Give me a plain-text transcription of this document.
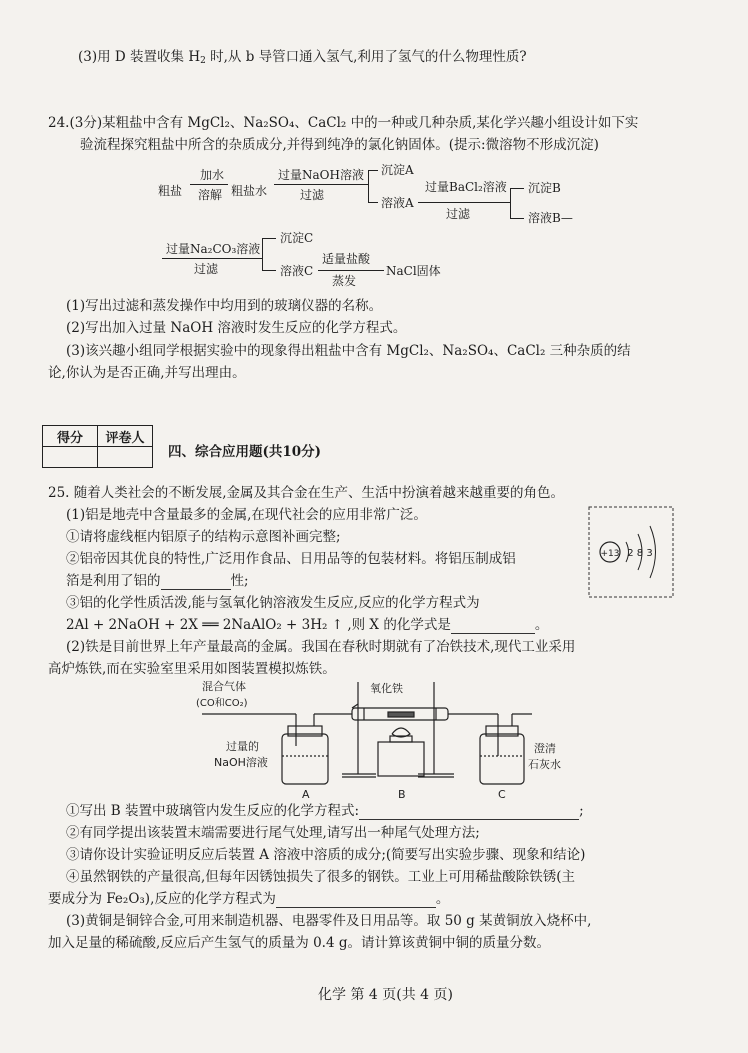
(3)用 D 装置收集 $H_2$ 时,从 b 导管口通入氢气,利用了氢气的什么物理性质?
24.(3分)某粗盐中含有 MgCl₂、Na₂SO₄、CaCl₂ 中的一种或几种杂质,某化学兴趣小组设计如下实
验流程探究粗盐中所含的杂质成分,并得到纯净的氯化钠固体。(提示:微溶物不形成沉淀)
粗盐
加水
溶解 粗盐水
过量NaOH溶液
过滤
沉淀A
溶液A
过量BaCl₂溶液
过滤
沉淀B
溶液B—
过量Na₂CO₃溶液
过滤
沉淀C
溶液C
适量盐酸
蒸发
NaCl固体
(1)写出过滤和蒸发操作中均用到的玻璃仪器的名称。
(2)写出加入过量 NaOH 溶液时发生反应的化学方程式。
(3)该兴趣小组同学根据实验中的现象得出粗盐中含有 MgCl₂、Na₂SO₄、CaCl₂ 三种杂质的结
论,你认为是否正确,并写出理由。
得分	评卷人

四、综合应用题(共10分)
25. 随着人类社会的不断发展,金属及其合金在生产、生活中扮演着越来越重要的角色。
(1)铝是地壳中含量最多的金属,在现代社会的应用非常广泛。
①请将虚线框内铝原子的结构示意图补画完整;
②铝帝因其优良的特性,广泛用作食品、日用品等的包装材料。将铝压制成铝
箔是利用了铝的	性;
③铝的化学性质活泼,能与氢氧化钠溶液发生反应,反应的化学方程式为
2Al + 2NaOH + 2X ══ 2NaAlO₂ + 3H₂ ↑ ,则 X 的化学式是	。
+13 2 8 3
(2)铁是目前世界上年产量最高的金属。我国在春秋时期就有了冶铁技术,现代工业采用
高炉炼铁,而在实验室里采用如图装置模拟炼铁。
混合气体
(CO和CO₂)
氧化铁
过量的
NaOH溶液
澄清
石灰水
A	B	C
①写出 B 装置中玻璃管内发生反应的化学方程式:	;
②有同学提出该装置末端需要进行尾气处理,请写出一种尾气处理方法;
③请你设计实验证明反应后装置 A 溶液中溶质的成分;(简要写出实验步骤、现象和结论)
④虽然钢铁的产量很高,但每年因锈蚀损失了很多的钢铁。工业上可用稀盐酸除铁锈(主
要成分为 Fe₂O₃),反应的化学方程式为	。
(3)黄铜是铜锌合金,可用来制造机器、电器零件及日用品等。取 50 g 某黄铜放入烧杯中,
加入足量的稀硫酸,反应后产生氢气的质量为 0.4 g。请计算该黄铜中铜的质量分数。
化学 第 4 页(共 4 页)
